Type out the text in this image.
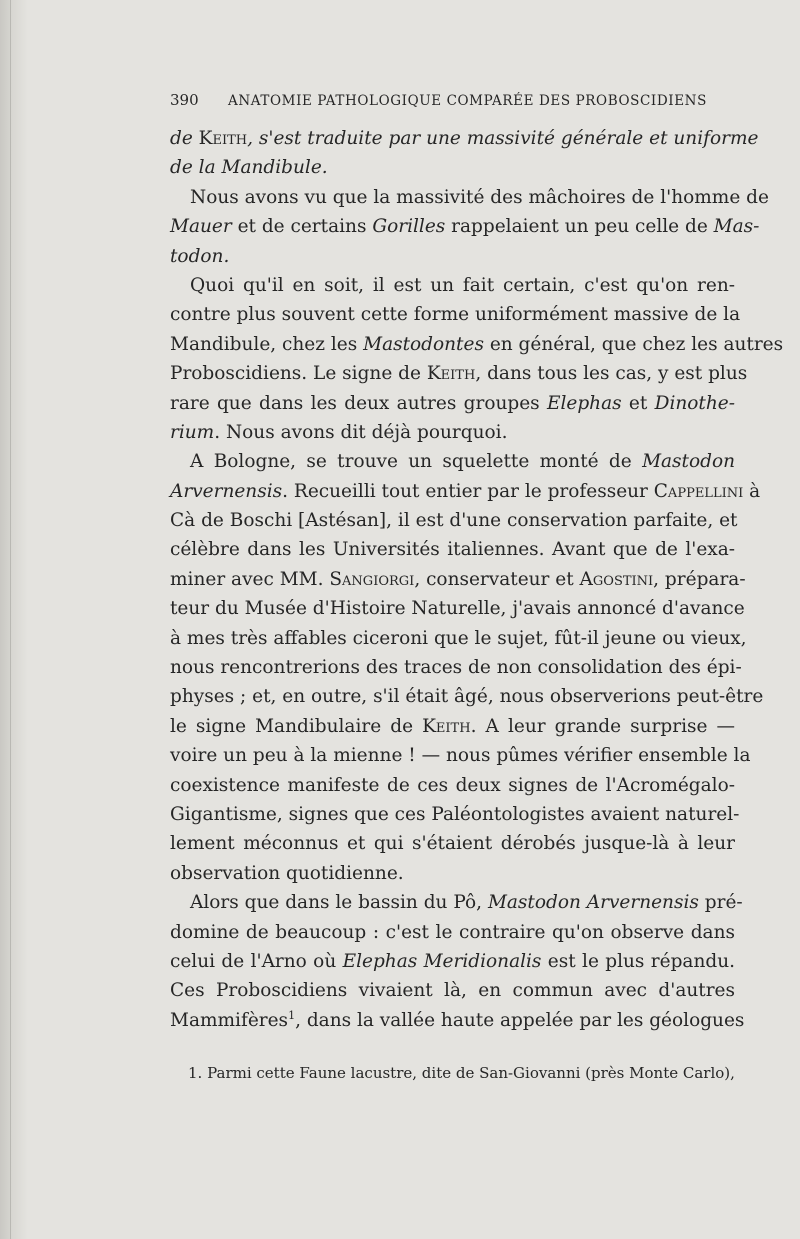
390 ANATOMIE PATHOLOGIQUE COMPARÉE DES PROBOSCIDIENS
de Keith, s'est traduite par une massivité générale et uniforme
de la Mandibule.
Nous avons vu que la massivité des mâchoires de l'homme de
Mauer et de certains Gorilles rappelaient un peu celle de Mas-
todon.
Quoi qu'il en soit, il est un fait certain, c'est qu'on ren-
contre plus souvent cette forme uniformément massive de la
Mandibule, chez les Mastodontes en général, que chez les autres
Proboscidiens. Le signe de Keith, dans tous les cas, y est plus
rare que dans les deux autres groupes Elephas et Dinothe-
rium. Nous avons dit déjà pourquoi.
A Bologne, se trouve un squelette monté de Mastodon
Arvernensis. Recueilli tout entier par le professeur Cappellini à
Cà de Boschi [Astésan], il est d'une conservation parfaite, et
célèbre dans les Universités italiennes. Avant que de l'exa-
miner avec MM. Sangiorgi, conservateur et Agostini, prépara-
teur du Musée d'Histoire Naturelle, j'avais annoncé d'avance
à mes très affables ciceroni que le sujet, fût-il jeune ou vieux,
nous rencontrerions des traces de non consolidation des épi-
physes ; et, en outre, s'il était âgé, nous observerions peut-être
le signe Mandibulaire de Keith. A leur grande surprise —
voire un peu à la mienne ! — nous pûmes vérifier ensemble la
coexistence manifeste de ces deux signes de l'Acromégalo-
Gigantisme, signes que ces Paléontologistes avaient naturel-
lement méconnus et qui s'étaient dérobés jusque-là à leur
observation quotidienne.
Alors que dans le bassin du Pô, Mastodon Arvernensis pré-
domine de beaucoup : c'est le contraire qu'on observe dans
celui de l'Arno où Elephas Meridionalis est le plus répandu.
Ces Proboscidiens vivaient là, en commun avec d'autres
Mammifères$^1$, dans la vallée haute appelée par les géologues
1. Parmi cette Faune lacustre, dite de San-Giovanni (près Monte Carlo),
